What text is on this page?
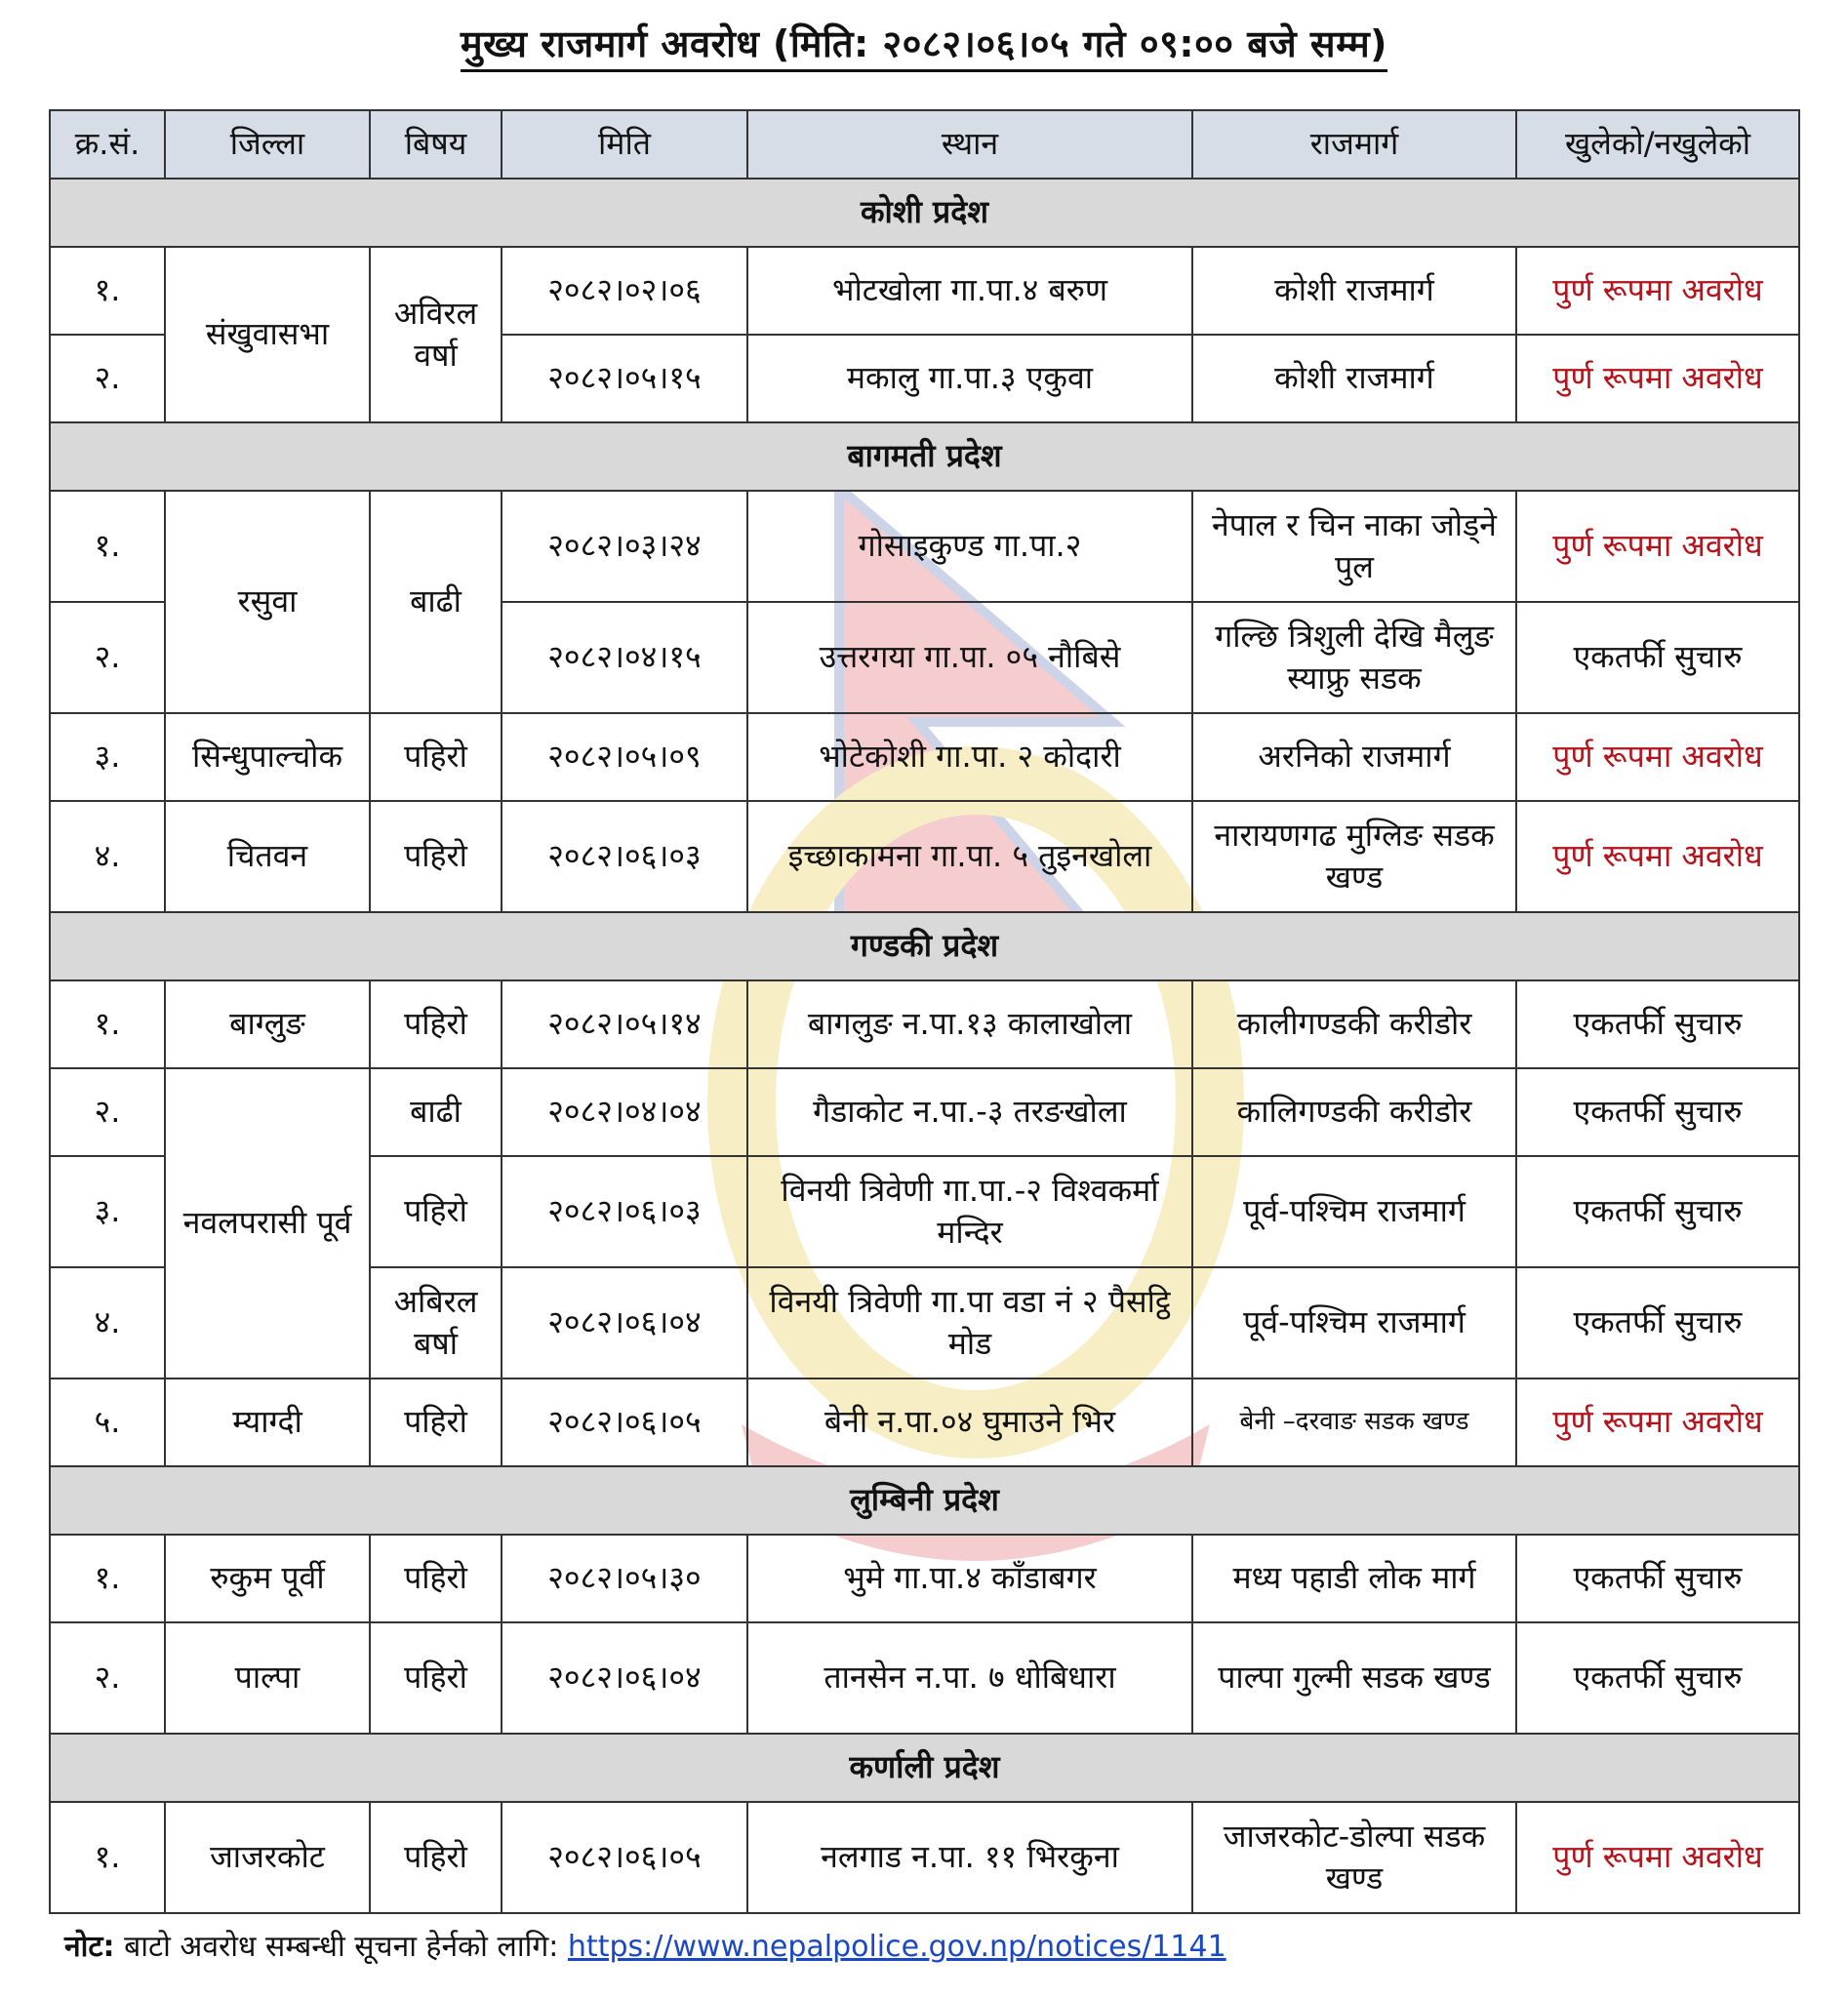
मुख्य राजमार्ग अवरोध (मिति: २०८२।०६।०५ गते ०९:०० बजे सम्म)
क्र.सं.	जिल्ला	बिषय	मिति	स्थान	राजमार्ग	खुलेको/नखुलेको
कोशी प्रदेश						
१.	संखुवासभा	अविरल वर्षा	२०८२।०२।०६	भोटखोला गा.पा.४ बरुण	कोशी राजमार्ग	पुर्ण रूपमा अवरोध
२.			२०८२।०५।१५	मकालु गा.पा.३ एकुवा	कोशी राजमार्ग	पुर्ण रूपमा अवरोध
बागमती प्रदेश						
१.	रसुवा	बाढी	२०८२।०३।२४	गोसाइकुण्ड गा.पा.२	नेपाल र चिन नाका जोड्ने पुल	पुर्ण रूपमा अवरोध
२.			२०८२।०४।१५	उत्तरगया गा.पा. ०५ नौबिसे	गल्छि त्रिशुली देखि मैलुङ स्याफ्रु सडक	एकतर्फी सुचारु
३.	सिन्धुपाल्चोक	पहिरो	२०८२।०५।०९	भोटेकोशी गा.पा. २ कोदारी	अरनिको राजमार्ग	पुर्ण रूपमा अवरोध
४.	चितवन	पहिरो	२०८२।०६।०३	इच्छाकामना गा.पा. ५ तुइनखोला	नारायणगढ मुग्लिङ सडक खण्ड	पुर्ण रूपमा अवरोध
गण्डकी प्रदेश						
१.	बाग्लुङ	पहिरो	२०८२।०५।१४	बागलुङ न.पा.१३ कालाखोला	कालीगण्डकी करीडोर	एकतर्फी सुचारु
२.	नवलपरासी पूर्व	बाढी	२०८२।०४।०४	गैडाकोट न.पा.-३ तरङखोला	कालिगण्डकी करीडोर	एकतर्फी सुचारु
३.		पहिरो	२०८२।०६।०३	विनयी त्रिवेणी गा.पा.-२ विश्वकर्मा मन्दिर	पूर्व-पश्चिम राजमार्ग	एकतर्फी सुचारु
४.		अबिरल बर्षा	२०८२।०६।०४	विनयी त्रिवेणी गा.पा वडा नं २ पैसट्ठि मोड	पूर्व-पश्चिम राजमार्ग	एकतर्फी सुचारु
५.	म्याग्दी	पहिरो	२०८२।०६।०५	बेनी न.पा.०४ घुमाउने भिर	बेनी –दरवाङ सडक खण्ड	पुर्ण रूपमा अवरोध
लुम्बिनी प्रदेश						
१.	रुकुम पूर्वी	पहिरो	२०८२।०५।३०	भुमे गा.पा.४ काँडाबगर	मध्य पहाडी लोक मार्ग	एकतर्फी सुचारु
२.	पाल्पा	पहिरो	२०८२।०६।०४	तानसेन न.पा. ७ धोबिधारा	पाल्पा गुल्मी सडक खण्ड	एकतर्फी सुचारु
कर्णाली प्रदेश						
१.	जाजरकोट	पहिरो	२०८२।०६।०५	नलगाड न.पा. ११ भिरकुना	जाजरकोट-डोल्पा सडक खण्ड	पुर्ण रूपमा अवरोध
नोट: बाटो अवरोध सम्बन्धी सूचना हेर्नको लागि: https://www.nepalpolice.gov.np/notices/1141
